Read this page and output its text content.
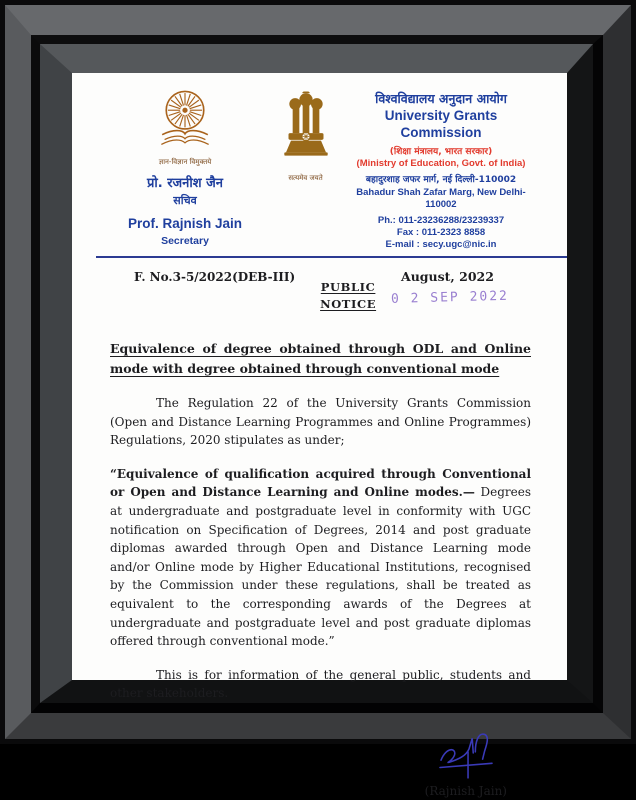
ज्ञान-विज्ञान विमुक्तये
प्रो. रजनीश जैन
सचिव
Prof. Rajnish Jain
Secretary
सत्यमेव जयते
विश्वविद्यालय अनुदान आयोग
University Grants Commission
(शिक्षा मंत्रालय, भारत सरकार)
(Ministry of Education, Govt. of India)
बहादुरशाह जफर मार्ग, नई दिल्ली-110002
Bahadur Shah Zafar Marg, New Delhi-110002
Ph.: 011-23236288/23239337
Fax : 011-2323 8858
E-mail : secy.ugc@nic.in
F. No.3-5/2022(DEB-III)
PUBLIC NOTICE
August, 2022
0 2 SEP 2022
Equivalence of degree obtained through ODL and Online mode with degree obtained through conventional mode

The Regulation 22 of the University Grants Commission (Open and Distance Learning Programmes and Online Programmes) Regulations, 2020 stipulates as under;

“Equivalence of qualification acquired through Conventional or Open and Distance Learning and Online modes.— Degrees at undergraduate and postgraduate level in conformity with UGC notification on Specification of Degrees, 2014 and post graduate diplomas awarded through Open and Distance Learning mode and/or Online mode by Higher Educational Institutions, recognised by the Commission under these regulations, shall be treated as equivalent to the corresponding awards of the Degrees at undergraduate and postgraduate level and post graduate diplomas offered through conventional mode.”

This is for information of the general public, students and other stakeholders.

(Rajnish Jain)
